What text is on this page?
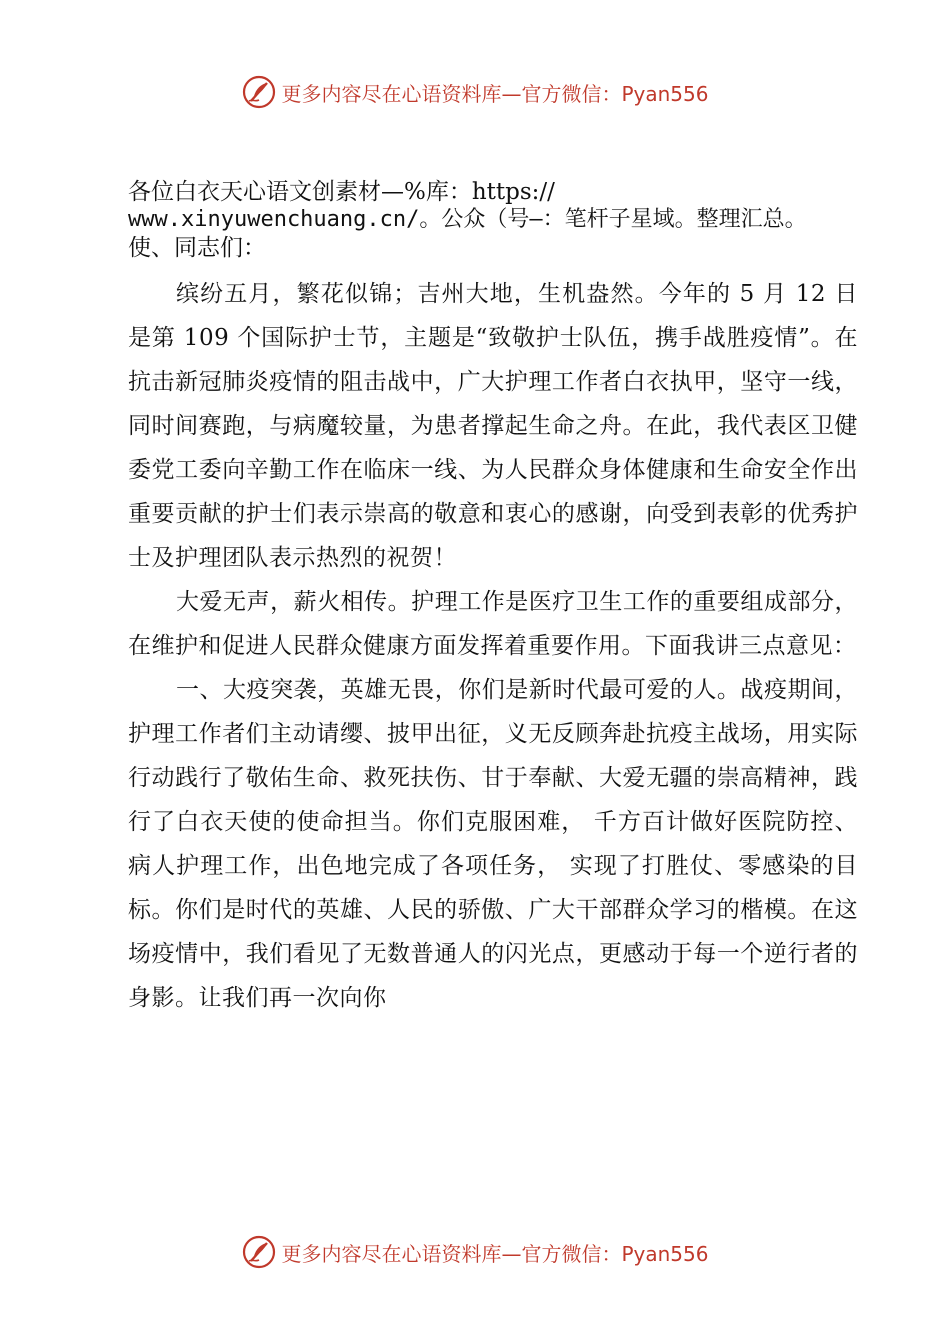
更多内容尽在心语资料库—官方微信：Pyan556

各位白衣天心语文创素材—%库：https://

www.xinyuwenchuang.cn/。公众（号—：笔杆子星域。整理汇总。

使、同志们：

缤纷五月，繁花似锦；吉州大地，生机盎然。今年的 5 月 12 日是第 109 个国际护士节，主题是“致敬护士队伍，携手战胜疫情”。在抗击新冠肺炎疫情的阻击战中，广大护理工作者白衣执甲，坚守一线，同时间赛跑，与病魔较量，为患者撑起生命之舟。在此，我代表区卫健委党工委向辛勤工作在临床一线、为人民群众身体健康和生命安全作出重要贡献的护士们表示崇高的敬意和衷心的感谢，向受到表彰的优秀护士及护理团队表示热烈的祝贺！

大爱无声，薪火相传。护理工作是医疗卫生工作的重要组成部分，在维护和促进人民群众健康方面发挥着重要作用。下面我讲三点意见：

一、大疫突袭，英雄无畏，你们是新时代最可爱的人。战疫期间，护理工作者们主动请缨、披甲出征，义无反顾奔赴抗疫主战场，用实际行动践行了敬佑生命、救死扶伤、甘于奉献、大爱无疆的崇高精神，践行了白衣天使的使命担当。你们克服困难， 千方百计做好医院防控、病人护理工作，出色地完成了各项任务， 实现了打胜仗、零感染的目标。你们是时代的英雄、人民的骄傲、广大干部群众学习的楷模。在这场疫情中，我们看见了无数普通人的闪光点，更感动于每一个逆行者的身影。让我们再一次向你

更多内容尽在心语资料库—官方微信：Pyan556
